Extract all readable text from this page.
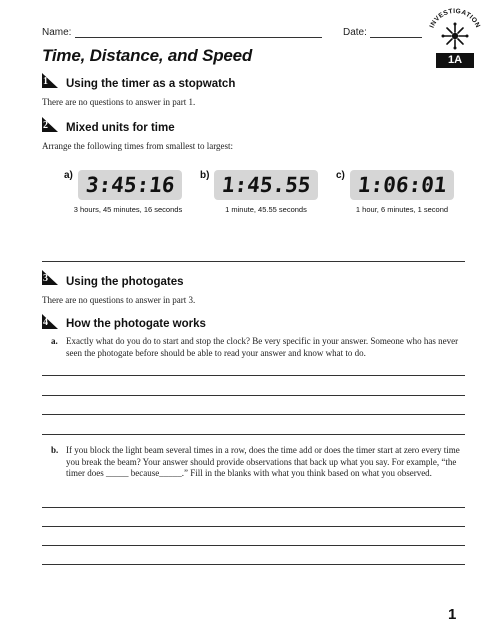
Name:	Date:
INVESTIGATION
1A
Time, Distance, and Speed
1 Using the timer as a stopwatch
There are no questions to answer in part 1.
2 Mixed units for time
Arrange the following times from smallest to largest:
a) 3:45:16
3 hours, 45 minutes, 16 seconds
b) 1:45.55
1 minute, 45.55 seconds
c) 1:06:01
1 hour, 6 minutes, 1 second
3 Using the photogates
There are no questions to answer in part 3.
4 How the photogate works
a. Exactly what do you do to start and stop the clock? Be very specific in your answer. Someone who has never seen the photogate before should be able to read your answer and know what to do.
b. If you block the light beam several times in a row, does the time add or does the timer start at zero every time you break the beam? Your answer should provide observations that back up what you say. For example, “the timer does _____ because_____.” Fill in the blanks with what you think based on what you observed.
1
